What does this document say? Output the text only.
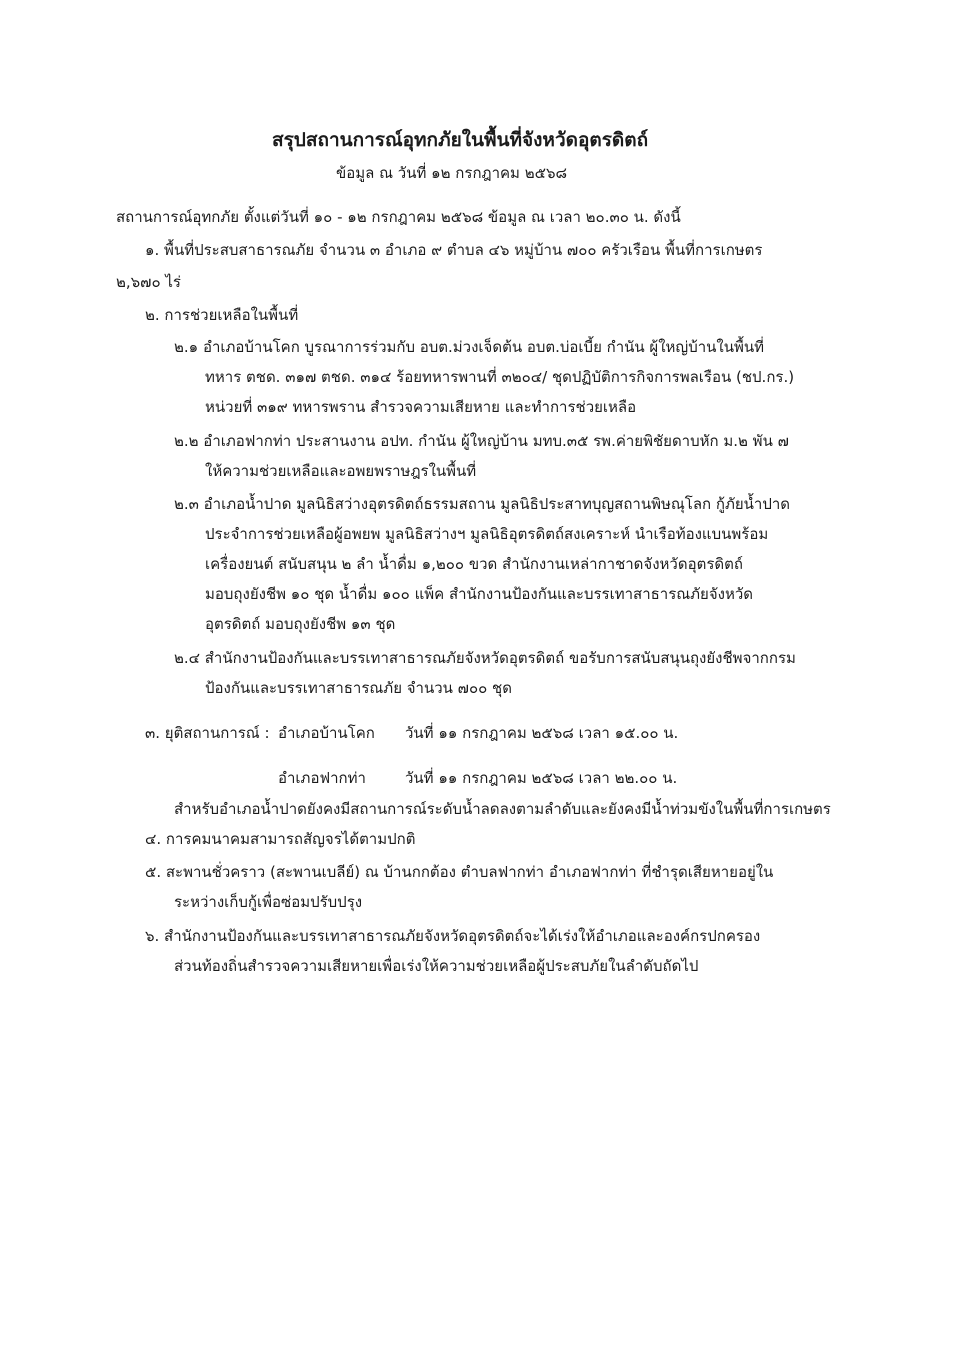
สรุปสถานการณ์อุทกภัยในพื้นที่จังหวัดอุตรดิตถ์
ข้อมูล ณ วันที่ ๑๒ กรกฎาคม ๒๕๖๘
สถานการณ์อุทกภัย ตั้งแต่วันที่ ๑๐ - ๑๒ กรกฎาคม ๒๕๖๘ ข้อมูล ณ เวลา ๒๐.๓๐ น. ดังนี้
๑. พื้นที่ประสบสาธารณภัย จำนวน ๓ อำเภอ ๙ ตำบล ๔๖ หมู่บ้าน ๗๐๐ ครัวเรือน พื้นที่การเกษตร
๒,๖๗๐ ไร่
๒. การช่วยเหลือในพื้นที่
๒.๑ อำเภอบ้านโคก บูรณาการร่วมกับ อบต.ม่วงเจ็ดต้น อบต.บ่อเบี้ย กำนัน ผู้ใหญ่บ้านในพื้นที่
ทหาร ตชด. ๓๑๗ ตชด. ๓๑๔ ร้อยทหารพานที่ ๓๒๐๔/ ชุดปฏิบัติการกิจการพลเรือน (ชป.กร.)
หน่วยที่ ๓๑๙ ทหารพราน สำรวจความเสียหาย และทำการช่วยเหลือ
๒.๒ อำเภอฟากท่า ประสานงาน อปท. กำนัน ผู้ใหญ่บ้าน มทบ.๓๕ รพ.ค่ายพิชัยดาบหัก ม.๒ พัน ๗
ให้ความช่วยเหลือและอพยพราษฎรในพื้นที่
๒.๓ อำเภอน้ำปาด มูลนิธิสว่างอุตรดิตถ์ธรรมสถาน มูลนิธิประสาทบุญสถานพิษณุโลก กู้ภัยน้ำปาด
ประจำการช่วยเหลือผู้อพยพ มูลนิธิสว่างฯ มูลนิธิอุตรดิตถ์สงเคราะห์ นำเรือท้องแบนพร้อม
เครื่องยนต์ สนับสนุน ๒ ลำ น้ำดื่ม ๑,๒๐๐ ขวด สำนักงานเหล่ากาชาดจังหวัดอุตรดิตถ์
มอบถุงยังชีพ ๑๐ ชุด น้ำดื่ม ๑๐๐ แพ็ค สำนักงานป้องกันและบรรเทาสาธารณภัยจังหวัด
อุตรดิตถ์ มอบถุงยังชีพ ๑๓ ชุด
๒.๔ สำนักงานป้องกันและบรรเทาสาธารณภัยจังหวัดอุตรดิตถ์ ขอรับการสนับสนุนถุงยังชีพจากกรม
ป้องกันและบรรเทาสาธารณภัย จำนวน ๗๐๐ ชุด
๓. ยุติสถานการณ์ : อำเภอบ้านโคก วันที่ ๑๑ กรกฎาคม ๒๕๖๘ เวลา ๑๕.๐๐ น.
อำเภอฟากท่า	วันที่ ๑๑ กรกฎาคม ๒๕๖๘ เวลา ๒๒.๐๐ น.
สำหรับอำเภอน้ำปาดยังคงมีสถานการณ์ระดับน้ำลดลงตามลำดับและยังคงมีน้ำท่วมขังในพื้นที่การเกษตร
๔. การคมนาคมสามารถสัญจรได้ตามปกติ
๕. สะพานชั่วคราว (สะพานเบลีย์) ณ บ้านกกต้อง ตำบลฟากท่า อำเภอฟากท่า ที่ชำรุดเสียหายอยู่ใน
ระหว่างเก็บกู้เพื่อซ่อมปรับปรุง
๖. สำนักงานป้องกันและบรรเทาสาธารณภัยจังหวัดอุตรดิตถ์จะได้เร่งให้อำเภอและองค์กรปกครอง
ส่วนท้องถิ่นสำรวจความเสียหายเพื่อเร่งให้ความช่วยเหลือผู้ประสบภัยในลำดับถัดไป
